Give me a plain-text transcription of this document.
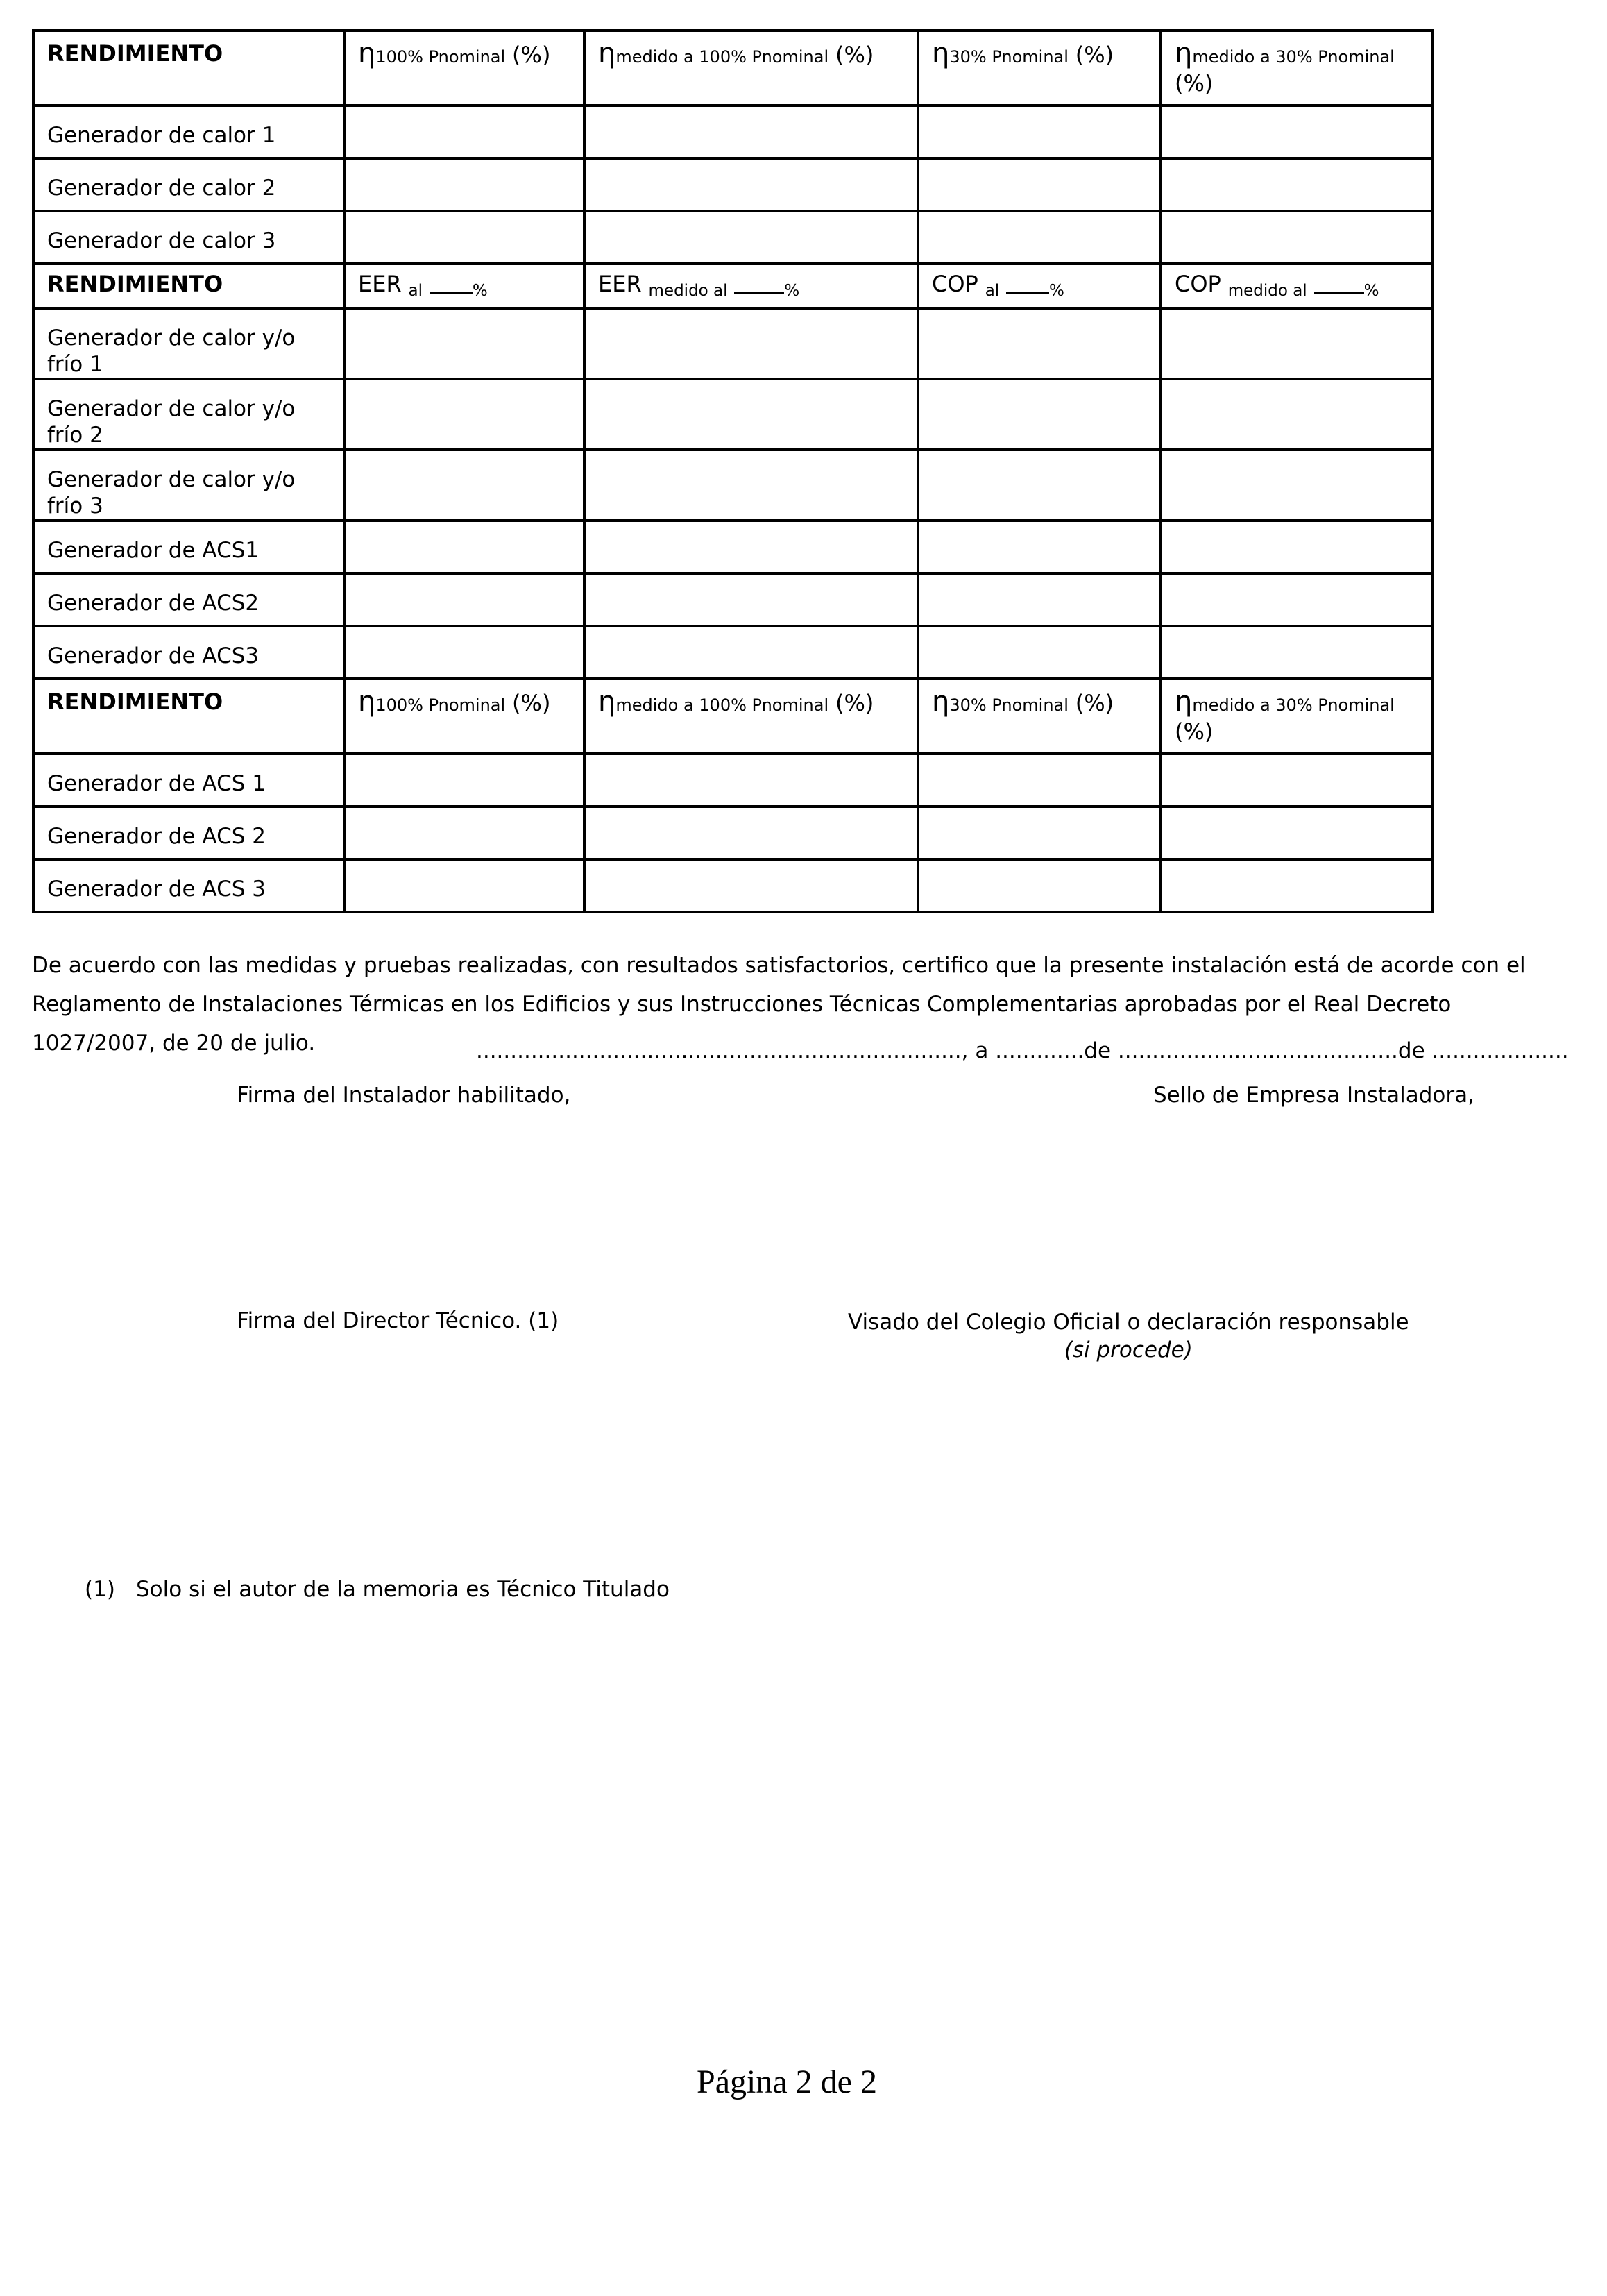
RENDIMIENTO	η100% Pnominal (%)	ηmedido a 100% Pnominal (%)	η30% Pnominal (%)	ηmedido a 30% Pnominal (%)
Generador de calor 1				
Generador de calor 2				
Generador de calor 3				
RENDIMIENTO	EER al %	EER medido al %	COP al %	COP medido al %
Generador de calor y/o frío 1				
Generador de calor y/o frío 2				
Generador de calor y/o frío 3				
Generador de ACS1				
Generador de ACS2				
Generador de ACS3				
RENDIMIENTO	η100% Pnominal (%)	ηmedido a 100% Pnominal (%)	η30% Pnominal (%)	ηmedido a 30% Pnominal (%)
Generador de ACS 1				
Generador de ACS 2				
Generador de ACS 3				
De acuerdo con las medidas y pruebas realizadas, con resultados satisfactorios, certifico que la presente instalación está de acorde con el Reglamento de Instalaciones Térmicas en los Edificios y sus Instrucciones Técnicas Complementarias aprobadas por el Real Decreto 1027/2007, de 20 de julio.	......................................................................., a .............de .........................................de ....................
Firma del Instalador habilitado,	Sello de Empresa Instaladora,
Firma del Director Técnico. (1)	Visado del Colegio Oficial o declaración responsable
(si procede)
(1) Solo si el autor de la memoria es Técnico Titulado
Página 2 de 2
